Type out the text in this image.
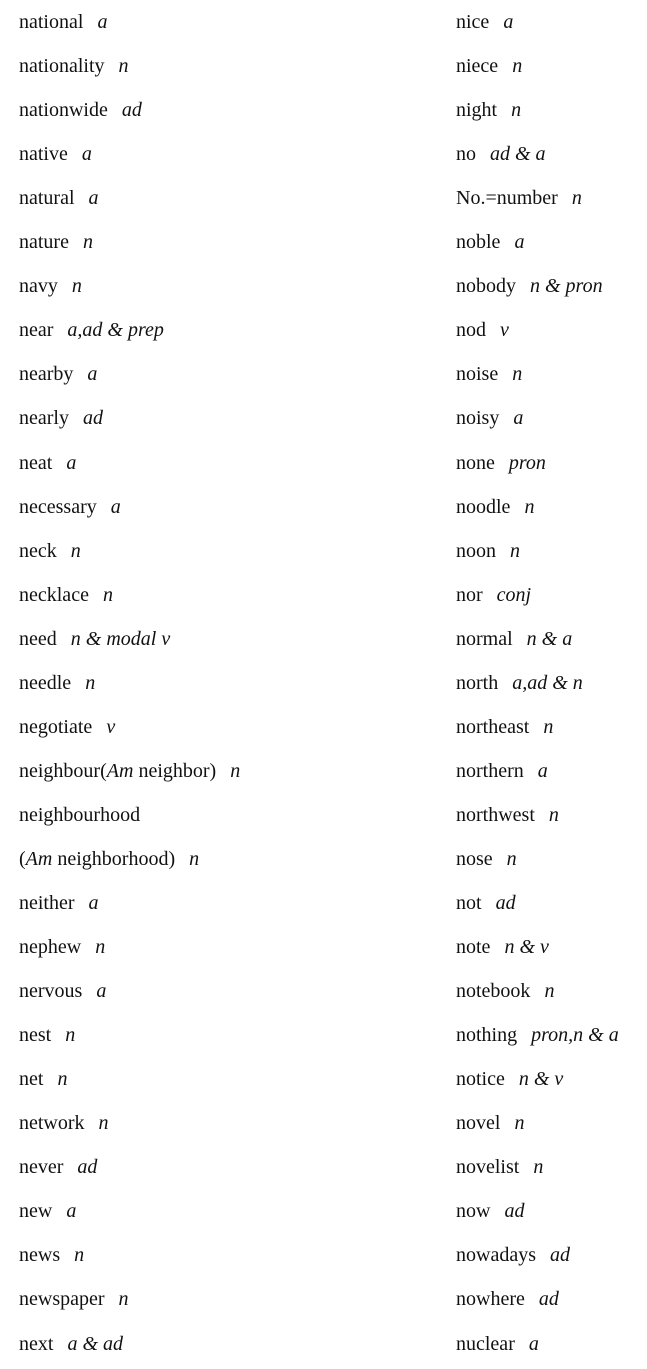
national a
nationality n
nationwide ad
native a
natural a
nature n
navy n
near a,ad & prep
nearby a
nearly ad
neat a
necessary a
neck n
necklace n
need n & modal v
needle n
negotiate v
neighbour(Am neighbor) n
neighbourhood
(Am neighborhood) n
neither a
nephew n
nervous a
nest n
net n
network n
never ad
new a
news n
newspaper n
next a & ad
nice a
niece n
night n
no ad & a
No.=number n
noble a
nobody n & pron
nod v
noise n
noisy a
none pron
noodle n
noon n
nor conj
normal n & a
north a,ad & n
northeast n
northern a
northwest n
nose n
not ad
note n & v
notebook n
nothing pron,n & a
notice n & v
novel n
novelist n
now ad
nowadays ad
nowhere ad
nuclear a
